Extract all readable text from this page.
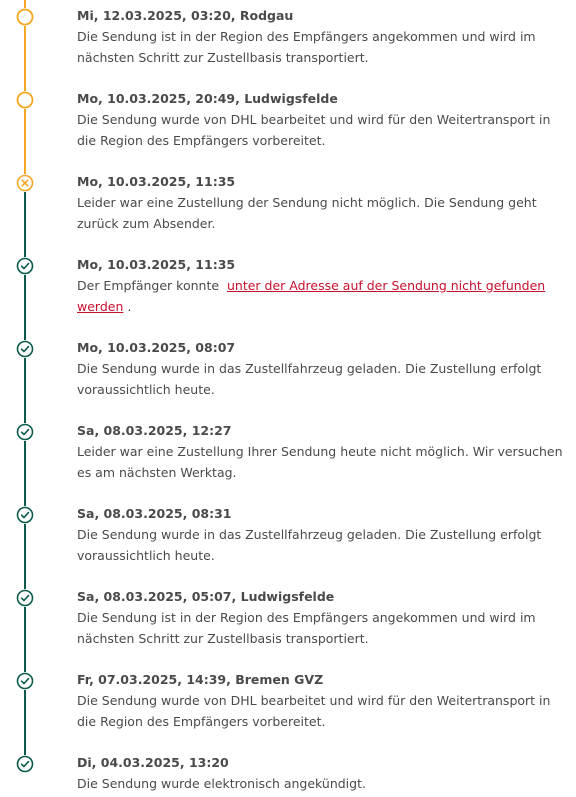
Mi, 12.03.2025, 03:20, Rodgau
Die Sendung ist in der Region des Empfängers angekommen und wird im nächsten Schritt zur Zustellbasis transportiert.
Mo, 10.03.2025, 20:49, Ludwigsfelde
Die Sendung wurde von DHL bearbeitet und wird für den Weitertransport in die Region des Empfängers vorbereitet.
Mo, 10.03.2025, 11:35
Leider war eine Zustellung der Sendung nicht möglich. Die Sendung geht zurück zum Absender.
Mo, 10.03.2025, 11:35
Der Empfänger konnte unter der Adresse auf der Sendung nicht gefunden werden .
Mo, 10.03.2025, 08:07
Die Sendung wurde in das Zustellfahrzeug geladen. Die Zustellung erfolgt voraussichtlich heute.
Sa, 08.03.2025, 12:27
Leider war eine Zustellung Ihrer Sendung heute nicht möglich. Wir versuchen es am nächsten Werktag.
Sa, 08.03.2025, 08:31
Die Sendung wurde in das Zustellfahrzeug geladen. Die Zustellung erfolgt voraussichtlich heute.
Sa, 08.03.2025, 05:07, Ludwigsfelde
Die Sendung ist in der Region des Empfängers angekommen und wird im nächsten Schritt zur Zustellbasis transportiert.
Fr, 07.03.2025, 14:39, Bremen GVZ
Die Sendung wurde von DHL bearbeitet und wird für den Weitertransport in die Region des Empfängers vorbereitet.
Di, 04.03.2025, 13:20
Die Sendung wurde elektronisch angekündigt.
